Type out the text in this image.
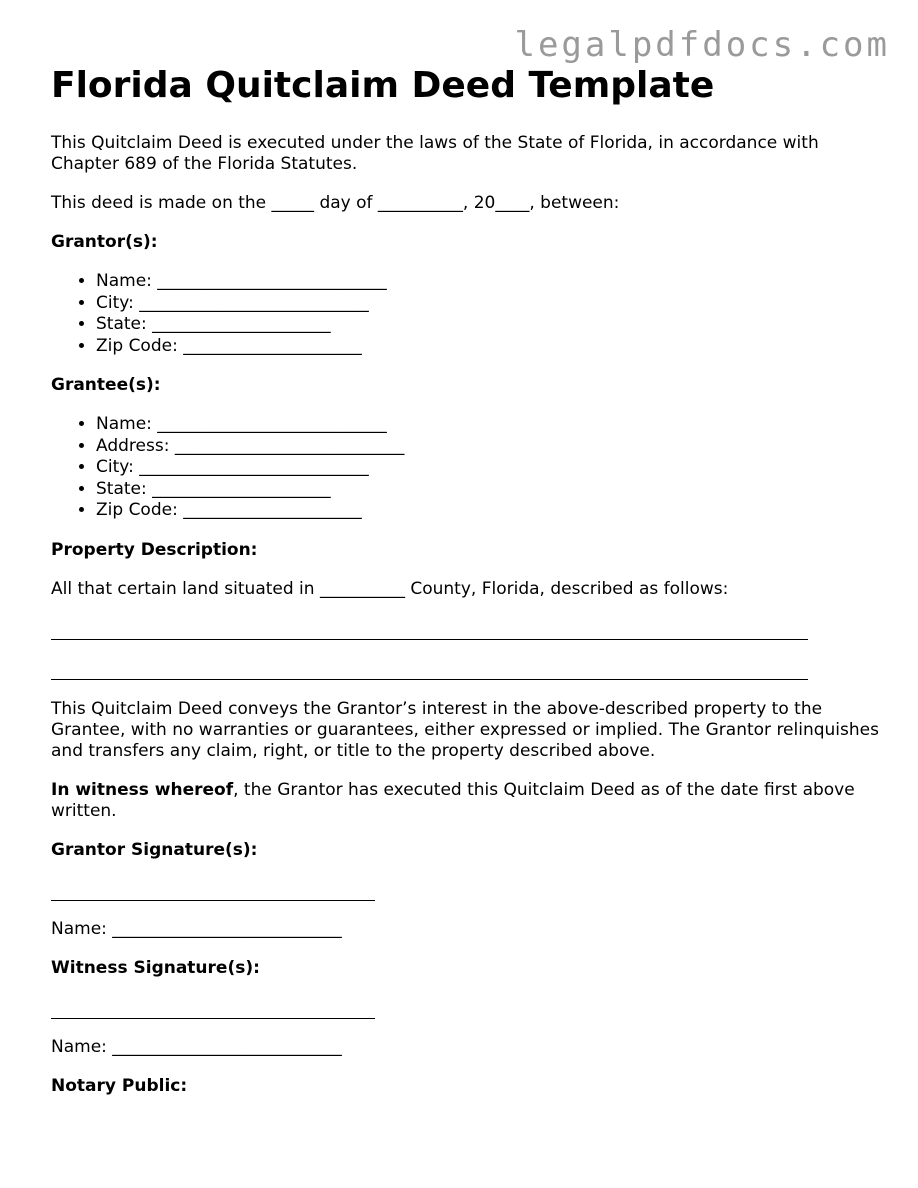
legalpdfdocs.com
Florida Quitclaim Deed Template

This Quitclaim Deed is executed under the laws of the State of Florida, in accordance with Chapter 689 of the Florida Statutes.

This deed is made on the _____ day of __________, 20____, between:

Grantor(s):

• Name: ___________________________
• City: ___________________________
• State: _____________________
• Zip Code: _____________________

Grantee(s):

• Name: ___________________________
• Address: ___________________________
• City: ___________________________
• State: _____________________
• Zip Code: _____________________

Property Description:

All that certain land situated in __________ County, Florida, described as follows:

This Quitclaim Deed conveys the Grantor’s interest in the above-described property to the Grantee, with no warranties or guarantees, either expressed or implied. The Grantor relinquishes and transfers any claim, right, or title to the property described above.

In witness whereof, the Grantor has executed this Quitclaim Deed as of the date first above written.

Grantor Signature(s):

Name: ___________________________

Witness Signature(s):

Name: ___________________________

Notary Public:
